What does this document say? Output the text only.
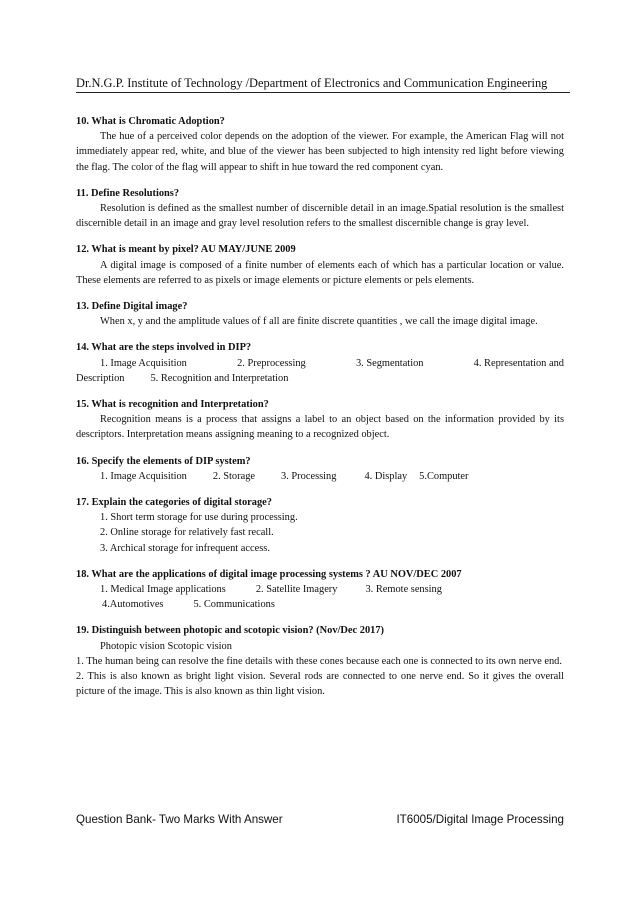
Dr.N.G.P. Institute of Technology /Department of Electronics and Communication Engineering
10. What is Chromatic Adoption?

The hue of a perceived color depends on the adoption of the viewer. For example, the American Flag will not immediately appear red, white, and blue of the viewer has been subjected to high intensity red light before viewing the flag. The color of the flag will appear to shift in hue toward the red component cyan.

11. Define Resolutions?

Resolution is defined as the smallest number of discernible detail in an image.Spatial resolution is the smallest discernible detail in an image and gray level resolution refers to the smallest discernible change is gray level.

12. What is meant by pixel? AU MAY/JUNE 2009

A digital image is composed of a finite number of elements each of which has a particular location or value. These elements are referred to as pixels or image elements or picture elements or pels elements.

13. Define Digital image?

When x, y and the amplitude values of f all are finite discrete quantities , we call the image digital image.

14. What are the steps involved in DIP?
1. Image Acquisition	2. Preprocessing	3. Segmentation	4. Representation and
Description	5. Recognition and Interpretation
15. What is recognition and Interpretation?

Recognition means is a process that assigns a label to an object based on the information provided by its descriptors. Interpretation means assigning meaning to a recognized object.

16. Specify the elements of DIP system?
1. Image Acquisition	2. Storage	3. Processing	4. Display 5.Computer
17. Explain the categories of digital storage?
1. Short term storage for use during processing.
2. Online storage for relatively fast recall.
3. Archical storage for infrequent access.
18. What are the applications of digital image processing systems ? AU NOV/DEC 2007
1. Medical Image applications	2. Satellite Imagery	3. Remote sensing
4.Automotives	5. Communications
19. Distinguish between photopic and scotopic vision? (Nov/Dec 2017)
Photopic vision Scotopic vision

1. The human being can resolve the fine details with these cones because each one is connected to its own nerve end.

2. This is also known as bright light vision. Several rods are connected to one nerve end. So it gives the overall picture of the image. This is also known as thin light vision.

Question Bank- Two Marks With Answer	IT6005/Digital Image Processing
